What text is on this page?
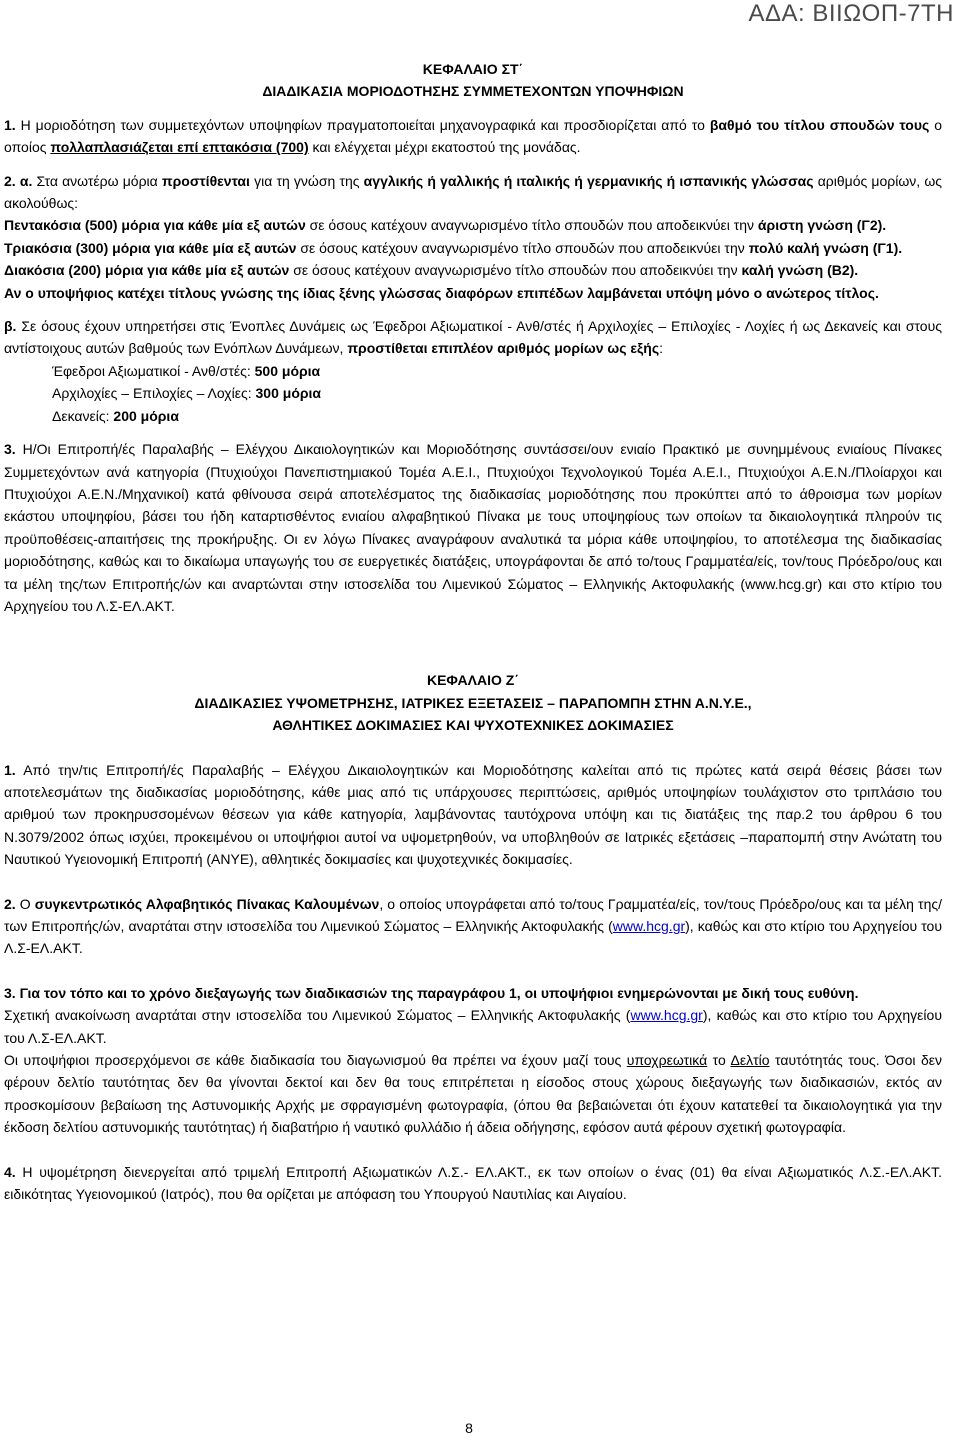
ΑΔΑ: ΒΙΙΩΟΠ-7ΤΗ

ΚΕΦΑΛΑΙΟ ΣΤ΄

ΔΙΑΔΙΚΑΣΙΑ ΜΟΡΙΟΔΟΤΗΣΗΣ ΣΥΜΜΕΤΕΧΟΝΤΩΝ ΥΠΟΨΗΦΙΩΝ

1. Η μοριοδότηση των συμμετεχόντων υποψηφίων πραγματοποιείται μηχανογραφικά και προσδιορίζεται από το βαθμό του τίτλου σπουδών τους ο οποίος πολλαπλασιάζεται επί επτακόσια (700) και ελέγχεται μέχρι εκατοστού της μονάδας.

2. α. Στα ανωτέρω μόρια προστίθενται για τη γνώση της αγγλικής ή γαλλικής ή ιταλικής ή γερμανικής ή ισπανικής γλώσσας αριθμός μορίων, ως ακολούθως:

Πεντακόσια (500) μόρια για κάθε μία εξ αυτών σε όσους κατέχουν αναγνωρισμένο τίτλο σπουδών που αποδεικνύει την άριστη γνώση (Γ2).

Τριακόσια (300) μόρια για κάθε μία εξ αυτών σε όσους κατέχουν αναγνωρισμένο τίτλο σπουδών που αποδεικνύει την πολύ καλή γνώση (Γ1).

Διακόσια (200) μόρια για κάθε μία εξ αυτών σε όσους κατέχουν αναγνωρισμένο τίτλο σπουδών που αποδεικνύει την καλή γνώση (Β2).

Αν ο υποψήφιος κατέχει τίτλους γνώσης της ίδιας ξένης γλώσσας διαφόρων επιπέδων λαμβάνεται υπόψη μόνο ο ανώτερος τίτλος.

β. Σε όσους έχουν υπηρετήσει στις Ένοπλες Δυνάμεις ως Έφεδροι Αξιωματικοί - Ανθ/στές ή Αρχιλοχίες – Επιλοχίες - Λοχίες ή ως Δεκανείς και στους αντίστοιχους αυτών βαθμούς των Ενόπλων Δυνάμεων, προστίθεται επιπλέον αριθμός μορίων ως εξής:

Έφεδροι Αξιωματικοί - Ανθ/στές: 500 μόρια

Αρχιλοχίες – Επιλοχίες – Λοχίες: 300 μόρια

Δεκανείς: 200 μόρια

3. Η/Οι Επιτροπή/ές Παραλαβής – Ελέγχου Δικαιολογητικών και Μοριοδότησης συντάσσει/ουν ενιαίο Πρακτικό με συνημμένους ενιαίους Πίνακες Συμμετεχόντων ανά κατηγορία (Πτυχιούχοι Πανεπιστημιακού Τομέα Α.Ε.Ι., Πτυχιούχοι Τεχνολογικού Τομέα Α.Ε.Ι., Πτυχιούχοι Α.Ε.Ν./Πλοίαρχοι και Πτυχιούχοι Α.Ε.Ν./Μηχανικοί) κατά φθίνουσα σειρά αποτελέσματος της διαδικασίας μοριοδότησης που προκύπτει από το άθροισμα των μορίων εκάστου υποψηφίου, βάσει του ήδη καταρτισθέντος ενιαίου αλφαβητικού Πίνακα με τους υποψηφίους των οποίων τα δικαιολογητικά πληρούν τις προϋποθέσεις-απαιτήσεις της προκήρυξης. Οι εν λόγω Πίνακες αναγράφουν αναλυτικά τα μόρια κάθε υποψηφίου, το αποτέλεσμα της διαδικασίας μοριοδότησης, καθώς και το δικαίωμα υπαγωγής του σε ευεργετικές διατάξεις, υπογράφονται δε από το/τους Γραμματέα/είς, τον/τους Πρόεδρο/ους και τα μέλη της/των Επιτροπής/ών και αναρτώνται στην ιστοσελίδα του Λιμενικού Σώματος – Ελληνικής Ακτοφυλακής (www.hcg.gr) και στο κτίριο του Αρχηγείου του Λ.Σ-ΕΛ.ΑΚΤ.

ΚΕΦΑΛΑΙΟ Ζ΄

ΔΙΑΔΙΚΑΣΙΕΣ ΥΨΟΜΕΤΡΗΣΗΣ, ΙΑΤΡΙΚΕΣ ΕΞΕΤΑΣΕΙΣ – ΠΑΡΑΠΟΜΠΗ ΣΤΗΝ Α.Ν.Υ.Ε.,

ΑΘΛΗΤΙΚΕΣ ΔΟΚΙΜΑΣΙΕΣ ΚΑΙ ΨΥΧΟΤΕΧΝΙΚΕΣ ΔΟΚΙΜΑΣΙΕΣ

1. Από την/τις Επιτροπή/ές Παραλαβής – Ελέγχου Δικαιολογητικών και Μοριοδότησης καλείται από τις πρώτες κατά σειρά θέσεις βάσει των αποτελεσμάτων της διαδικασίας μοριοδότησης, κάθε μιας από τις υπάρχουσες περιπτώσεις, αριθμός υποψηφίων τουλάχιστον στο τριπλάσιο του αριθμού των προκηρυσσομένων θέσεων για κάθε κατηγορία, λαμβάνοντας ταυτόχρονα υπόψη και τις διατάξεις της παρ.2 του άρθρου 6 του Ν.3079/2002 όπως ισχύει, προκειμένου οι υποψήφιοι αυτοί να υψομετρηθούν, να υποβληθούν σε Ιατρικές εξετάσεις –παραπομπή στην Ανώτατη του Ναυτικού Υγειονομική Επιτροπή (ΑΝΥΕ), αθλητικές δοκιμασίες και ψυχοτεχνικές δοκιμασίες.

2. Ο συγκεντρωτικός Αλφαβητικός Πίνακας Καλουμένων, ο οποίος υπογράφεται από το/τους Γραμματέα/είς, τον/τους Πρόεδρο/ους και τα μέλη της/των Επιτροπής/ών, αναρτάται στην ιστοσελίδα του Λιμενικού Σώματος – Ελληνικής Ακτοφυλακής (www.hcg.gr), καθώς και στο κτίριο του Αρχηγείου του Λ.Σ-ΕΛ.ΑΚΤ.

3. Για τον τόπο και το χρόνο διεξαγωγής των διαδικασιών της παραγράφου 1, οι υποψήφιοι ενημερώνονται με δική τους ευθύνη.

Σχετική ανακοίνωση αναρτάται στην ιστοσελίδα του Λιμενικού Σώματος – Ελληνικής Ακτοφυλακής (www.hcg.gr), καθώς και στο κτίριο του Αρχηγείου του Λ.Σ-ΕΛ.ΑΚΤ.

Οι υποψήφιοι προσερχόμενοι σε κάθε διαδικασία του διαγωνισμού θα πρέπει να έχουν μαζί τους υποχρεωτικά το Δελτίο ταυτότητάς τους. Όσοι δεν φέρουν δελτίο ταυτότητας δεν θα γίνονται δεκτοί και δεν θα τους επιτρέπεται η είσοδος στους χώρους διεξαγωγής των διαδικασιών, εκτός αν προσκομίσουν βεβαίωση της Αστυνομικής Αρχής με σφραγισμένη φωτογραφία, (όπου θα βεβαιώνεται ότι έχουν κατατεθεί τα δικαιολογητικά για την έκδοση δελτίου αστυνομικής ταυτότητας) ή διαβατήριο ή ναυτικό φυλλάδιο ή άδεια οδήγησης, εφόσον αυτά φέρουν σχετική φωτογραφία.

4. Η υψομέτρηση διενεργείται από τριμελή Επιτροπή Αξιωματικών Λ.Σ.- ΕΛ.ΑΚΤ., εκ των οποίων ο ένας (01) θα είναι Αξιωματικός Λ.Σ.-ΕΛ.ΑΚΤ. ειδικότητας Υγειονομικού (Ιατρός), που θα ορίζεται με απόφαση του Υπουργού Ναυτιλίας και Αιγαίου.

8
